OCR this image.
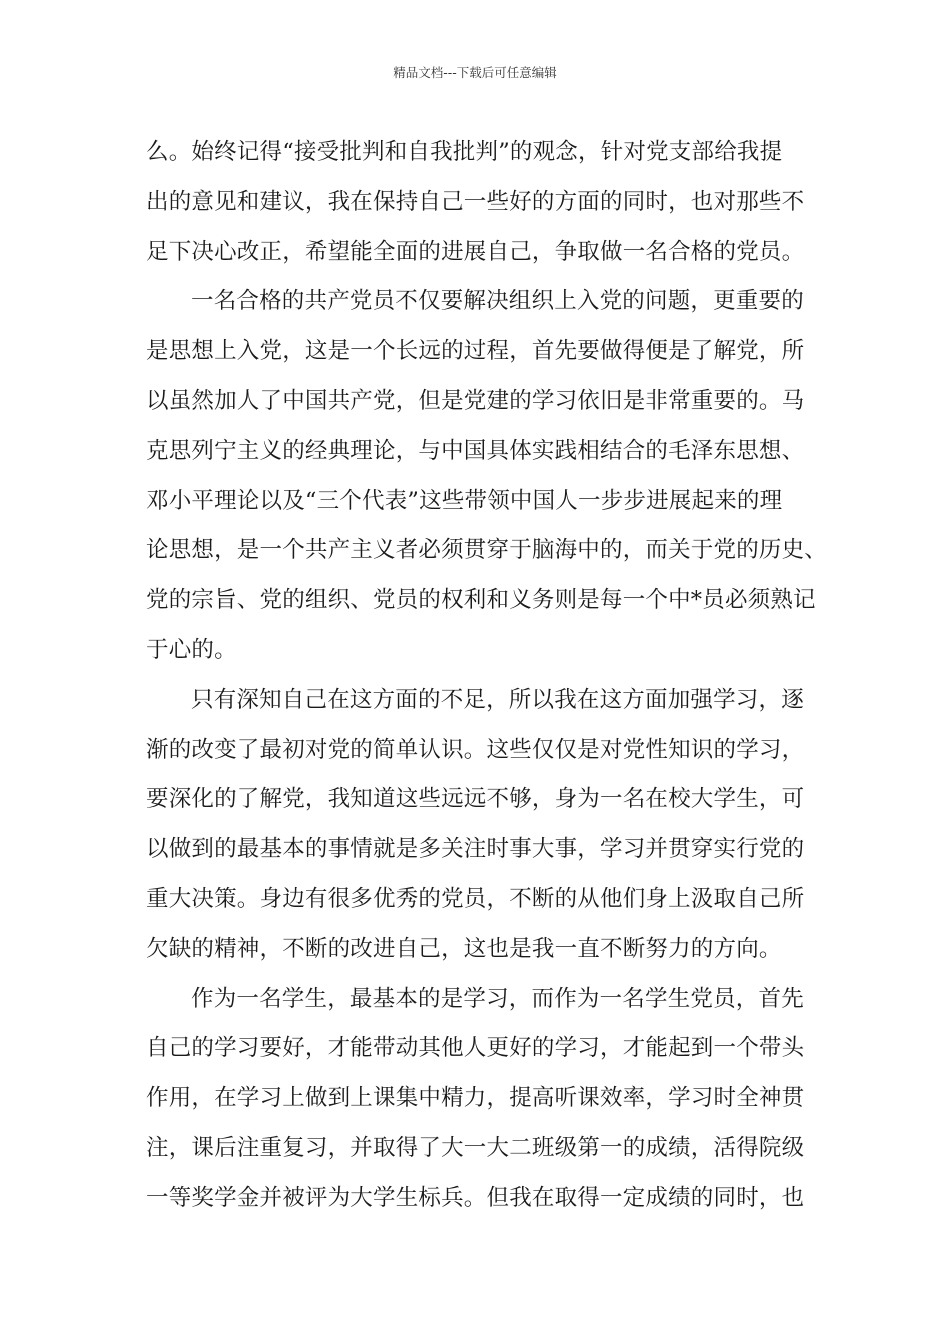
精品文档---下载后可任意编辑
么。始终记得“接受批判和自我批判”的观念，针对党支部给我提
出的意见和建议，我在保持自己一些好的方面的同时，也对那些不
足下决心改正，希望能全面的进展自己，争取做一名合格的党员。
一名合格的共产党员不仅要解决组织上入党的问题，更重要的
是思想上入党，这是一个长远的过程，首先要做得便是了解党，所
以虽然加人了中国共产党，但是党建的学习依旧是非常重要的。马
克思列宁主义的经典理论，与中国具体实践相结合的毛泽东思想、
邓小平理论以及“三个代表”这些带领中国人一步步进展起来的理
论思想，是一个共产主义者必须贯穿于脑海中的，而关于党的历史、
党的宗旨、党的组织、党员的权利和义务则是每一个中*员必须熟记
于心的。
只有深知自己在这方面的不足，所以我在这方面加强学习，逐
渐的改变了最初对党的简单认识。这些仅仅是对党性知识的学习，
要深化的了解党，我知道这些远远不够，身为一名在校大学生，可
以做到的最基本的事情就是多关注时事大事，学习并贯穿实行党的
重大决策。身边有很多优秀的党员，不断的从他们身上汲取自己所
欠缺的精神，不断的改进自己，这也是我一直不断努力的方向。
作为一名学生，最基本的是学习，而作为一名学生党员，首先
自己的学习要好，才能带动其他人更好的学习，才能起到一个带头
作用，在学习上做到上课集中精力，提高听课效率，学习时全神贯
注，课后注重复习，并取得了大一大二班级第一的成绩，活得院级
一等奖学金并被评为大学生标兵。但我在取得一定成绩的同时，也
